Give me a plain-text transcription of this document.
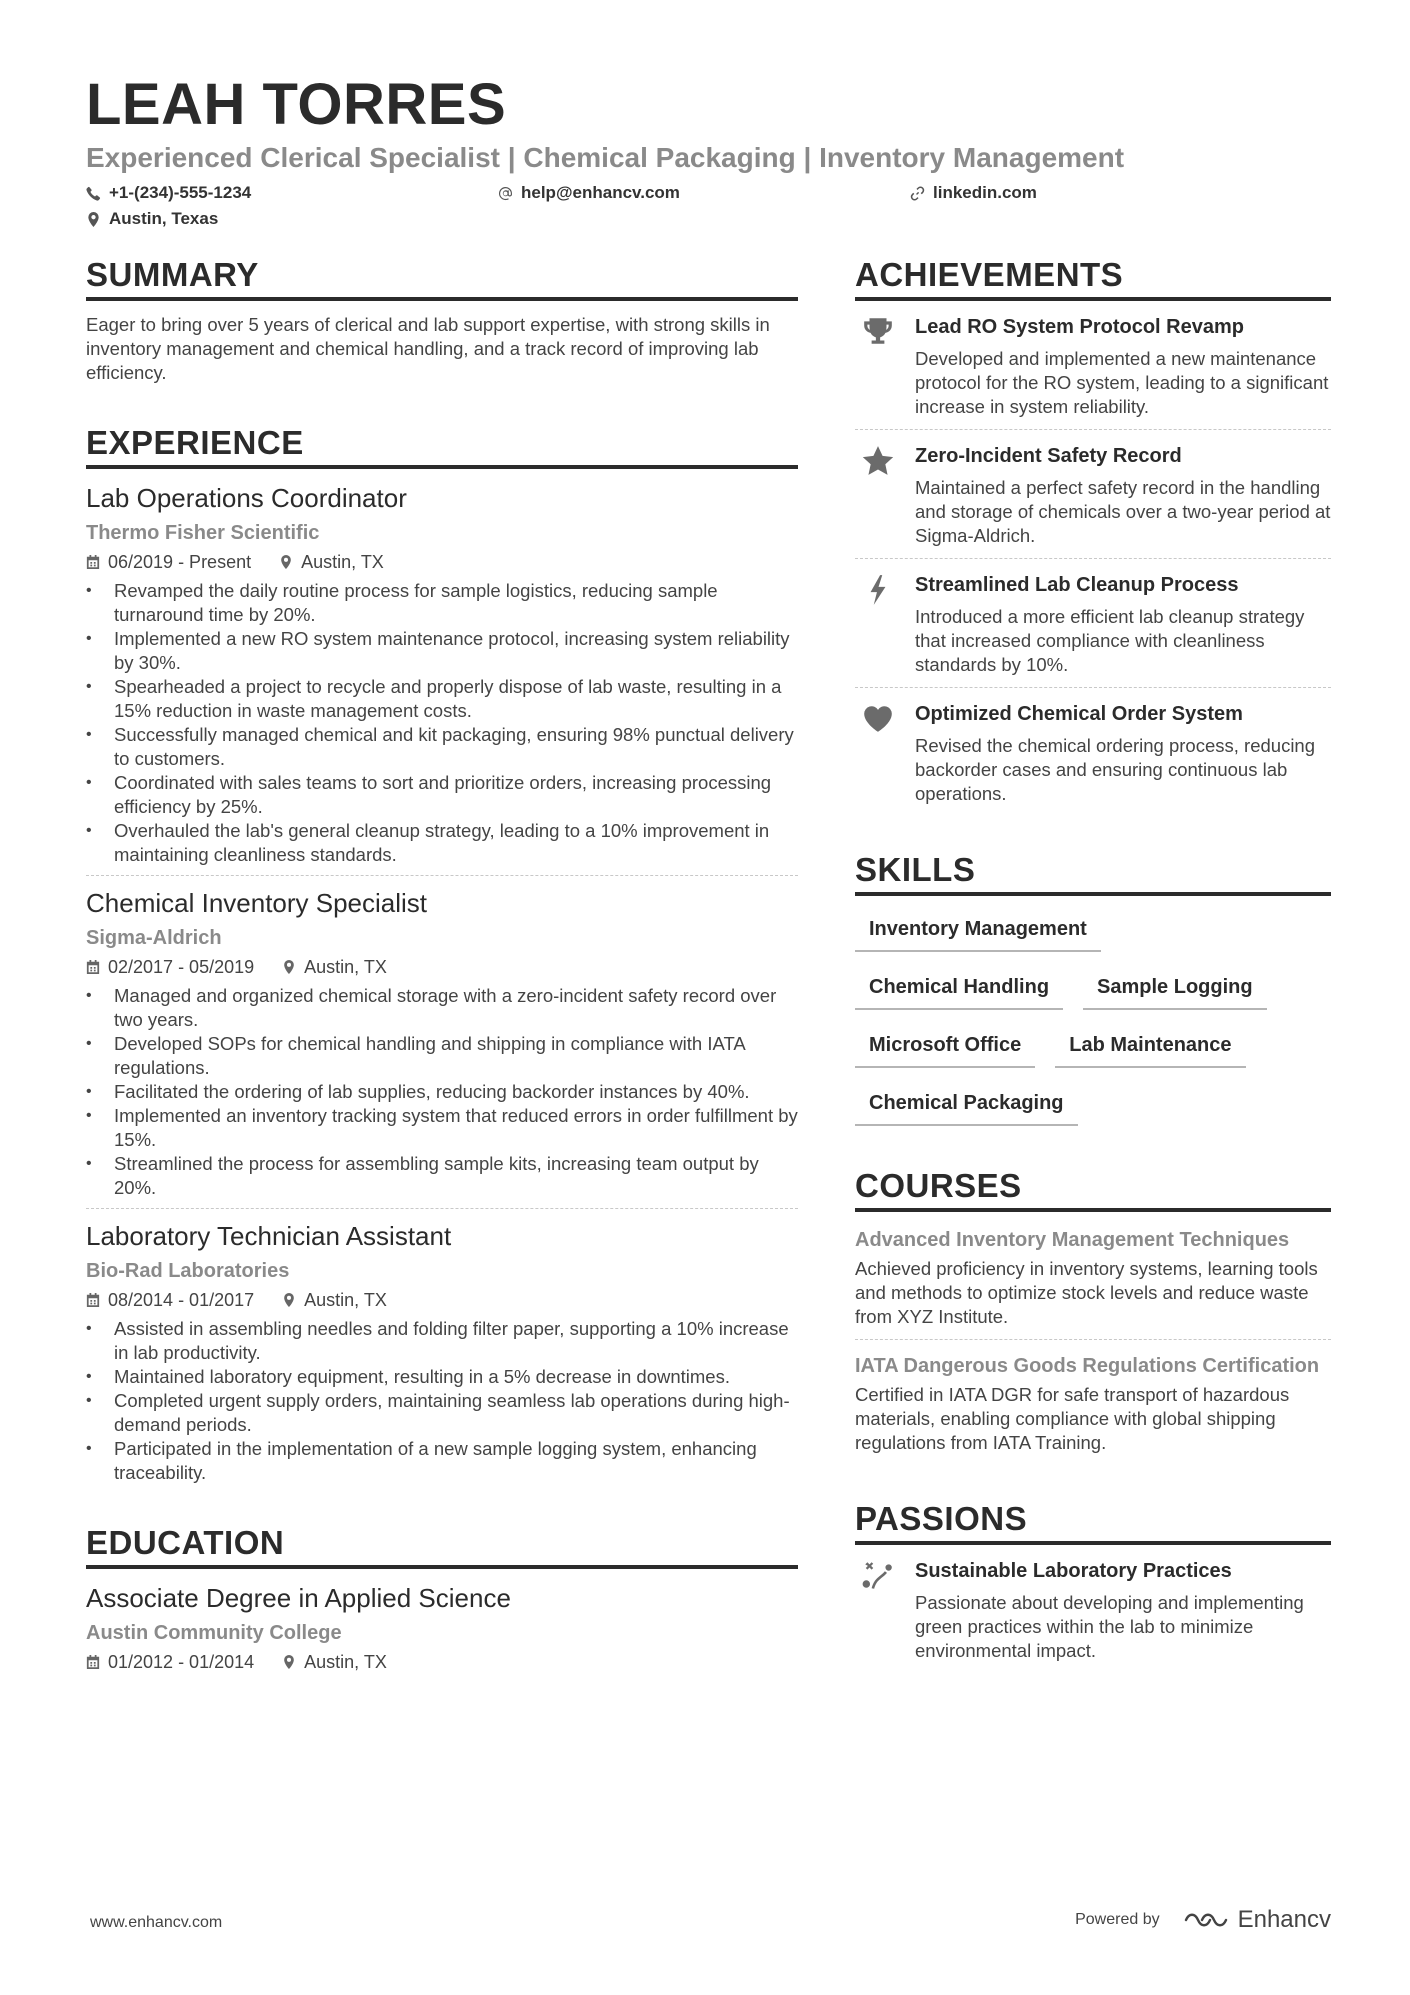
LEAH TORRES
Experienced Clerical Specialist | Chemical Packaging | Inventory Management
+1-(234)-555-1234	help@enhancv.com	linkedin.com
Austin, Texas
SUMMARY
Eager to bring over 5 years of clerical and lab support expertise, with strong skills in inventory management and chemical handling, and a track record of improving lab efficiency.
EXPERIENCE
Lab Operations Coordinator
Thermo Fisher Scientific
06/2019 - Present	Austin, TX
• Revamped the daily routine process for sample logistics, reducing sample turnaround time by 20%.
• Implemented a new RO system maintenance protocol, increasing system reliability by 30%.
• Spearheaded a project to recycle and properly dispose of lab waste, resulting in a 15% reduction in waste management costs.
• Successfully managed chemical and kit packaging, ensuring 98% punctual delivery to customers.
• Coordinated with sales teams to sort and prioritize orders, increasing processing efficiency by 25%.
• Overhauled the lab's general cleanup strategy, leading to a 10% improvement in maintaining cleanliness standards.
Chemical Inventory Specialist
Sigma-Aldrich
02/2017 - 05/2019	Austin, TX
• Managed and organized chemical storage with a zero-incident safety record over two years.
• Developed SOPs for chemical handling and shipping in compliance with IATA regulations.
• Facilitated the ordering of lab supplies, reducing backorder instances by 40%.
• Implemented an inventory tracking system that reduced errors in order fulfillment by 15%.
• Streamlined the process for assembling sample kits, increasing team output by 20%.
Laboratory Technician Assistant
Bio-Rad Laboratories
08/2014 - 01/2017	Austin, TX
• Assisted in assembling needles and folding filter paper, supporting a 10% increase in lab productivity.
• Maintained laboratory equipment, resulting in a 5% decrease in downtimes.
• Completed urgent supply orders, maintaining seamless lab operations during high-demand periods.
• Participated in the implementation of a new sample logging system, enhancing traceability.
EDUCATION
Associate Degree in Applied Science
Austin Community College
01/2012 - 01/2014	Austin, TX
ACHIEVEMENTS
Lead RO System Protocol Revamp
Developed and implemented a new maintenance protocol for the RO system, leading to a significant increase in system reliability.
Zero-Incident Safety Record
Maintained a perfect safety record in the handling and storage of chemicals over a two-year period at Sigma-Aldrich.
Streamlined Lab Cleanup Process
Introduced a more efficient lab cleanup strategy that increased compliance with cleanliness standards by 10%.
Optimized Chemical Order System
Revised the chemical ordering process, reducing backorder cases and ensuring continuous lab operations.
SKILLS
Inventory Management
Chemical Handling	Sample Logging
Microsoft Office	Lab Maintenance
Chemical Packaging
COURSES
Advanced Inventory Management Techniques
Achieved proficiency in inventory systems, learning tools and methods to optimize stock levels and reduce waste from XYZ Institute.
IATA Dangerous Goods Regulations Certification
Certified in IATA DGR for safe transport of hazardous materials, enabling compliance with global shipping regulations from IATA Training.
PASSIONS
Sustainable Laboratory Practices
Passionate about developing and implementing green practices within the lab to minimize environmental impact.
www.enhancv.com	Powered by	Enhancv
